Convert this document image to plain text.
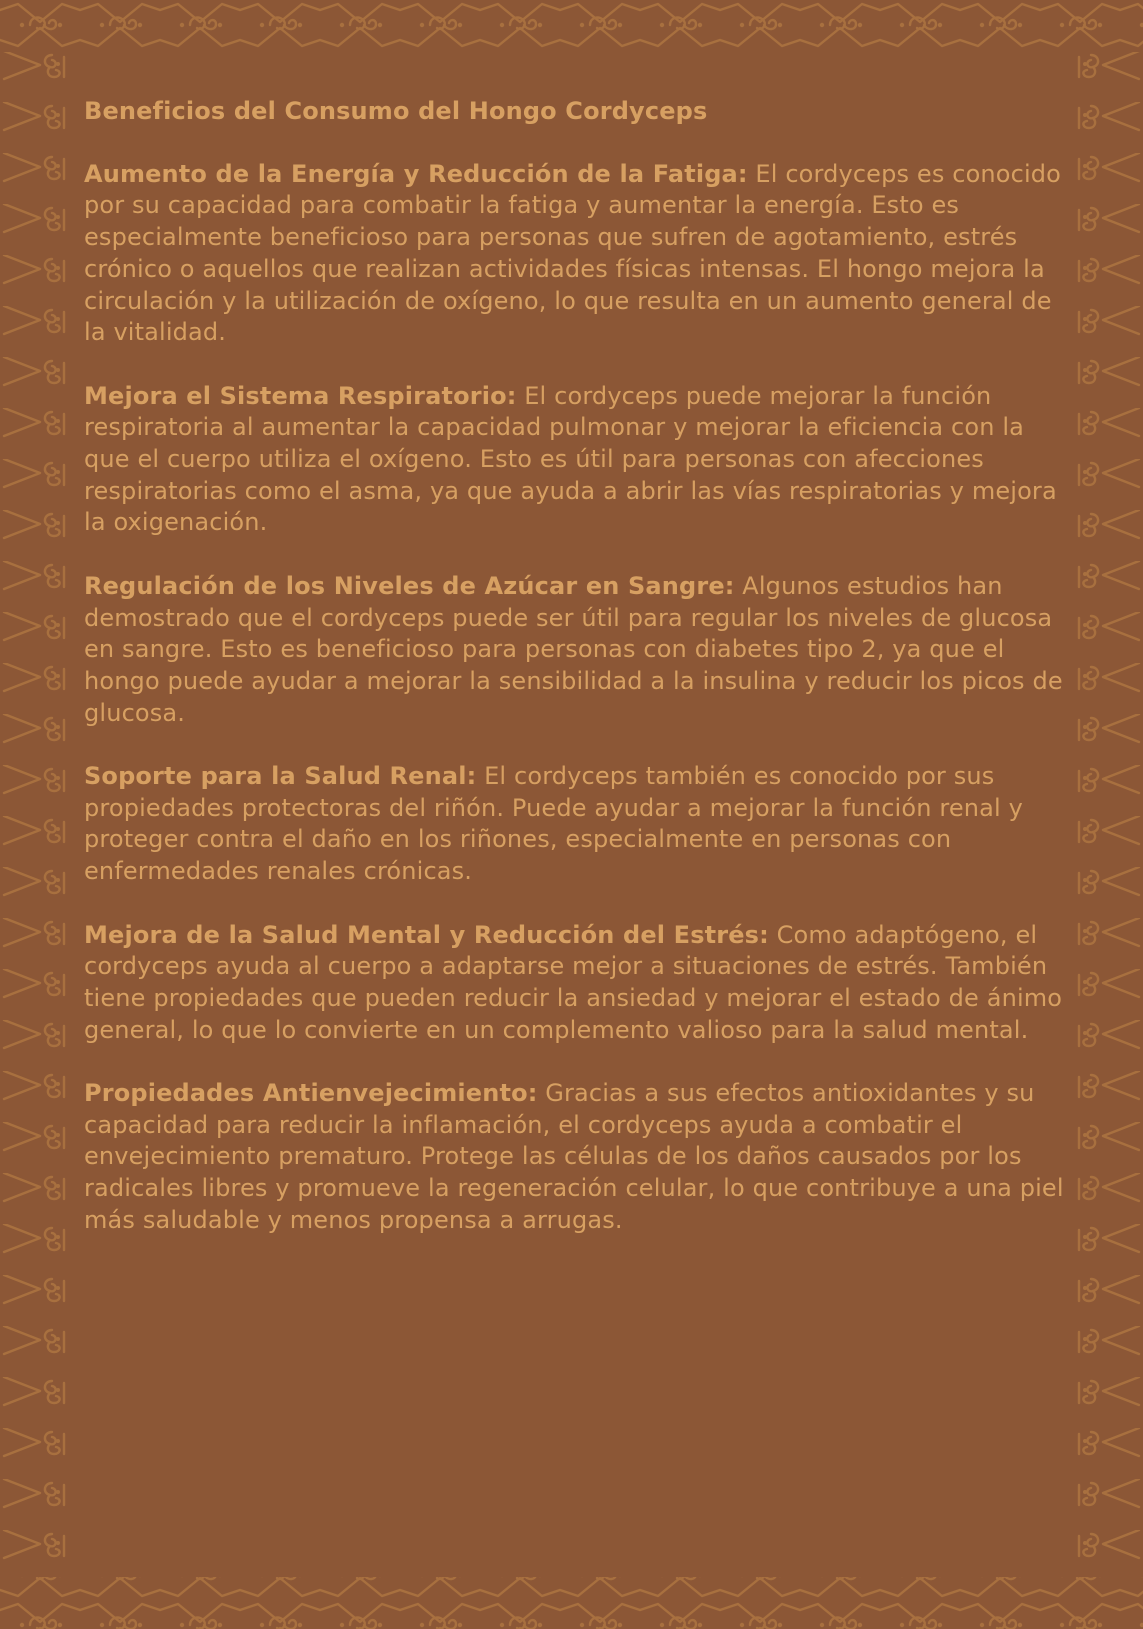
Beneficios del Consumo del Hongo Cordyceps
Aumento de la Energía y Reducción de la Fatiga: El cordyceps es conocido por su capacidad para combatir la fatiga y aumentar la energía. Esto es especialmente beneficioso para personas que sufren de agotamiento, estrés crónico o aquellos que realizan actividades físicas intensas. El hongo mejora la circulación y la utilización de oxígeno, lo que resulta en un aumento general de la vitalidad.
Mejora el Sistema Respiratorio: El cordyceps puede mejorar la función respiratoria al aumentar la capacidad pulmonar y mejorar la eficiencia con la que el cuerpo utiliza el oxígeno. Esto es útil para personas con afecciones respiratorias como el asma, ya que ayuda a abrir las vías respiratorias y mejora la oxigenación.
Regulación de los Niveles de Azúcar en Sangre: Algunos estudios han demostrado que el cordyceps puede ser útil para regular los niveles de glucosa en sangre. Esto es beneficioso para personas con diabetes tipo 2, ya que el hongo puede ayudar a mejorar la sensibilidad a la insulina y reducir los picos de glucosa.
Soporte para la Salud Renal: El cordyceps también es conocido por sus propiedades protectoras del riñón. Puede ayudar a mejorar la función renal y proteger contra el daño en los riñones, especialmente en personas con enfermedades renales crónicas.
Mejora de la Salud Mental y Reducción del Estrés: Como adaptógeno, el cordyceps ayuda al cuerpo a adaptarse mejor a situaciones de estrés. También tiene propiedades que pueden reducir la ansiedad y mejorar el estado de ánimo general, lo que lo convierte en un complemento valioso para la salud mental.
Propiedades Antienvejecimiento: Gracias a sus efectos antioxidantes y su capacidad para reducir la inflamación, el cordyceps ayuda a combatir el envejecimiento prematuro. Protege las células de los daños causados por los radicales libres y promueve la regeneración celular, lo que contribuye a una piel más saludable y menos propensa a arrugas.
